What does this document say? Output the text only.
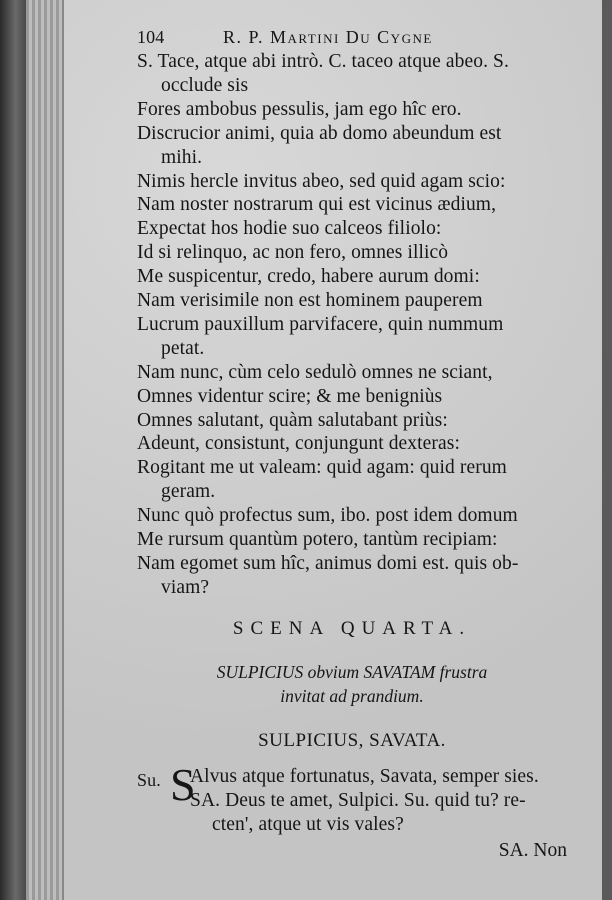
104	R. P. Martini Du Cygne
S. Tace, atque abi intrò. C. taceo atque abeo. S.
occlude sis
Fores ambobus pessulis, jam ego hîc ero.
Discrucior animi, quia ab domo abeundum est
mihi.
Nimis hercle invitus abeo, sed quid agam scio:
Nam noster nostrarum qui est vicinus ædium,
Expectat hos hodie suo calceos filiolo:
Id si relinquo, ac non fero, omnes illicò
Me suspicentur, credo, habere aurum domi:
Nam verisimile non est hominem pauperem
Lucrum pauxillum parvifacere, quin nummum
petat.
Nam nunc, cùm celo sedulò omnes ne sciant,
Omnes videntur scire; & me benigniùs
Omnes salutant, quàm salutabant priùs:
Adeunt, consistunt, conjungunt dexteras:
Rogitant me ut valeam: quid agam: quid rerum
geram.
Nunc quò profectus sum, ibo. post idem domum
Me rursum quantùm potero, tantùm recipiam:
Nam egomet sum hîc, animus domi est. quis ob-
viam?
SCENA QUARTA.
SULPICIUS obvium SAVATAM frustra
invitat ad prandium.
SULPICIUS, SAVATA.
Su. S
Alvus atque fortunatus, Savata, semper sies.
SA. Deus te amet, Sulpici. Su. quid tu? re-
cten', atque ut vis vales?
SA. Non
